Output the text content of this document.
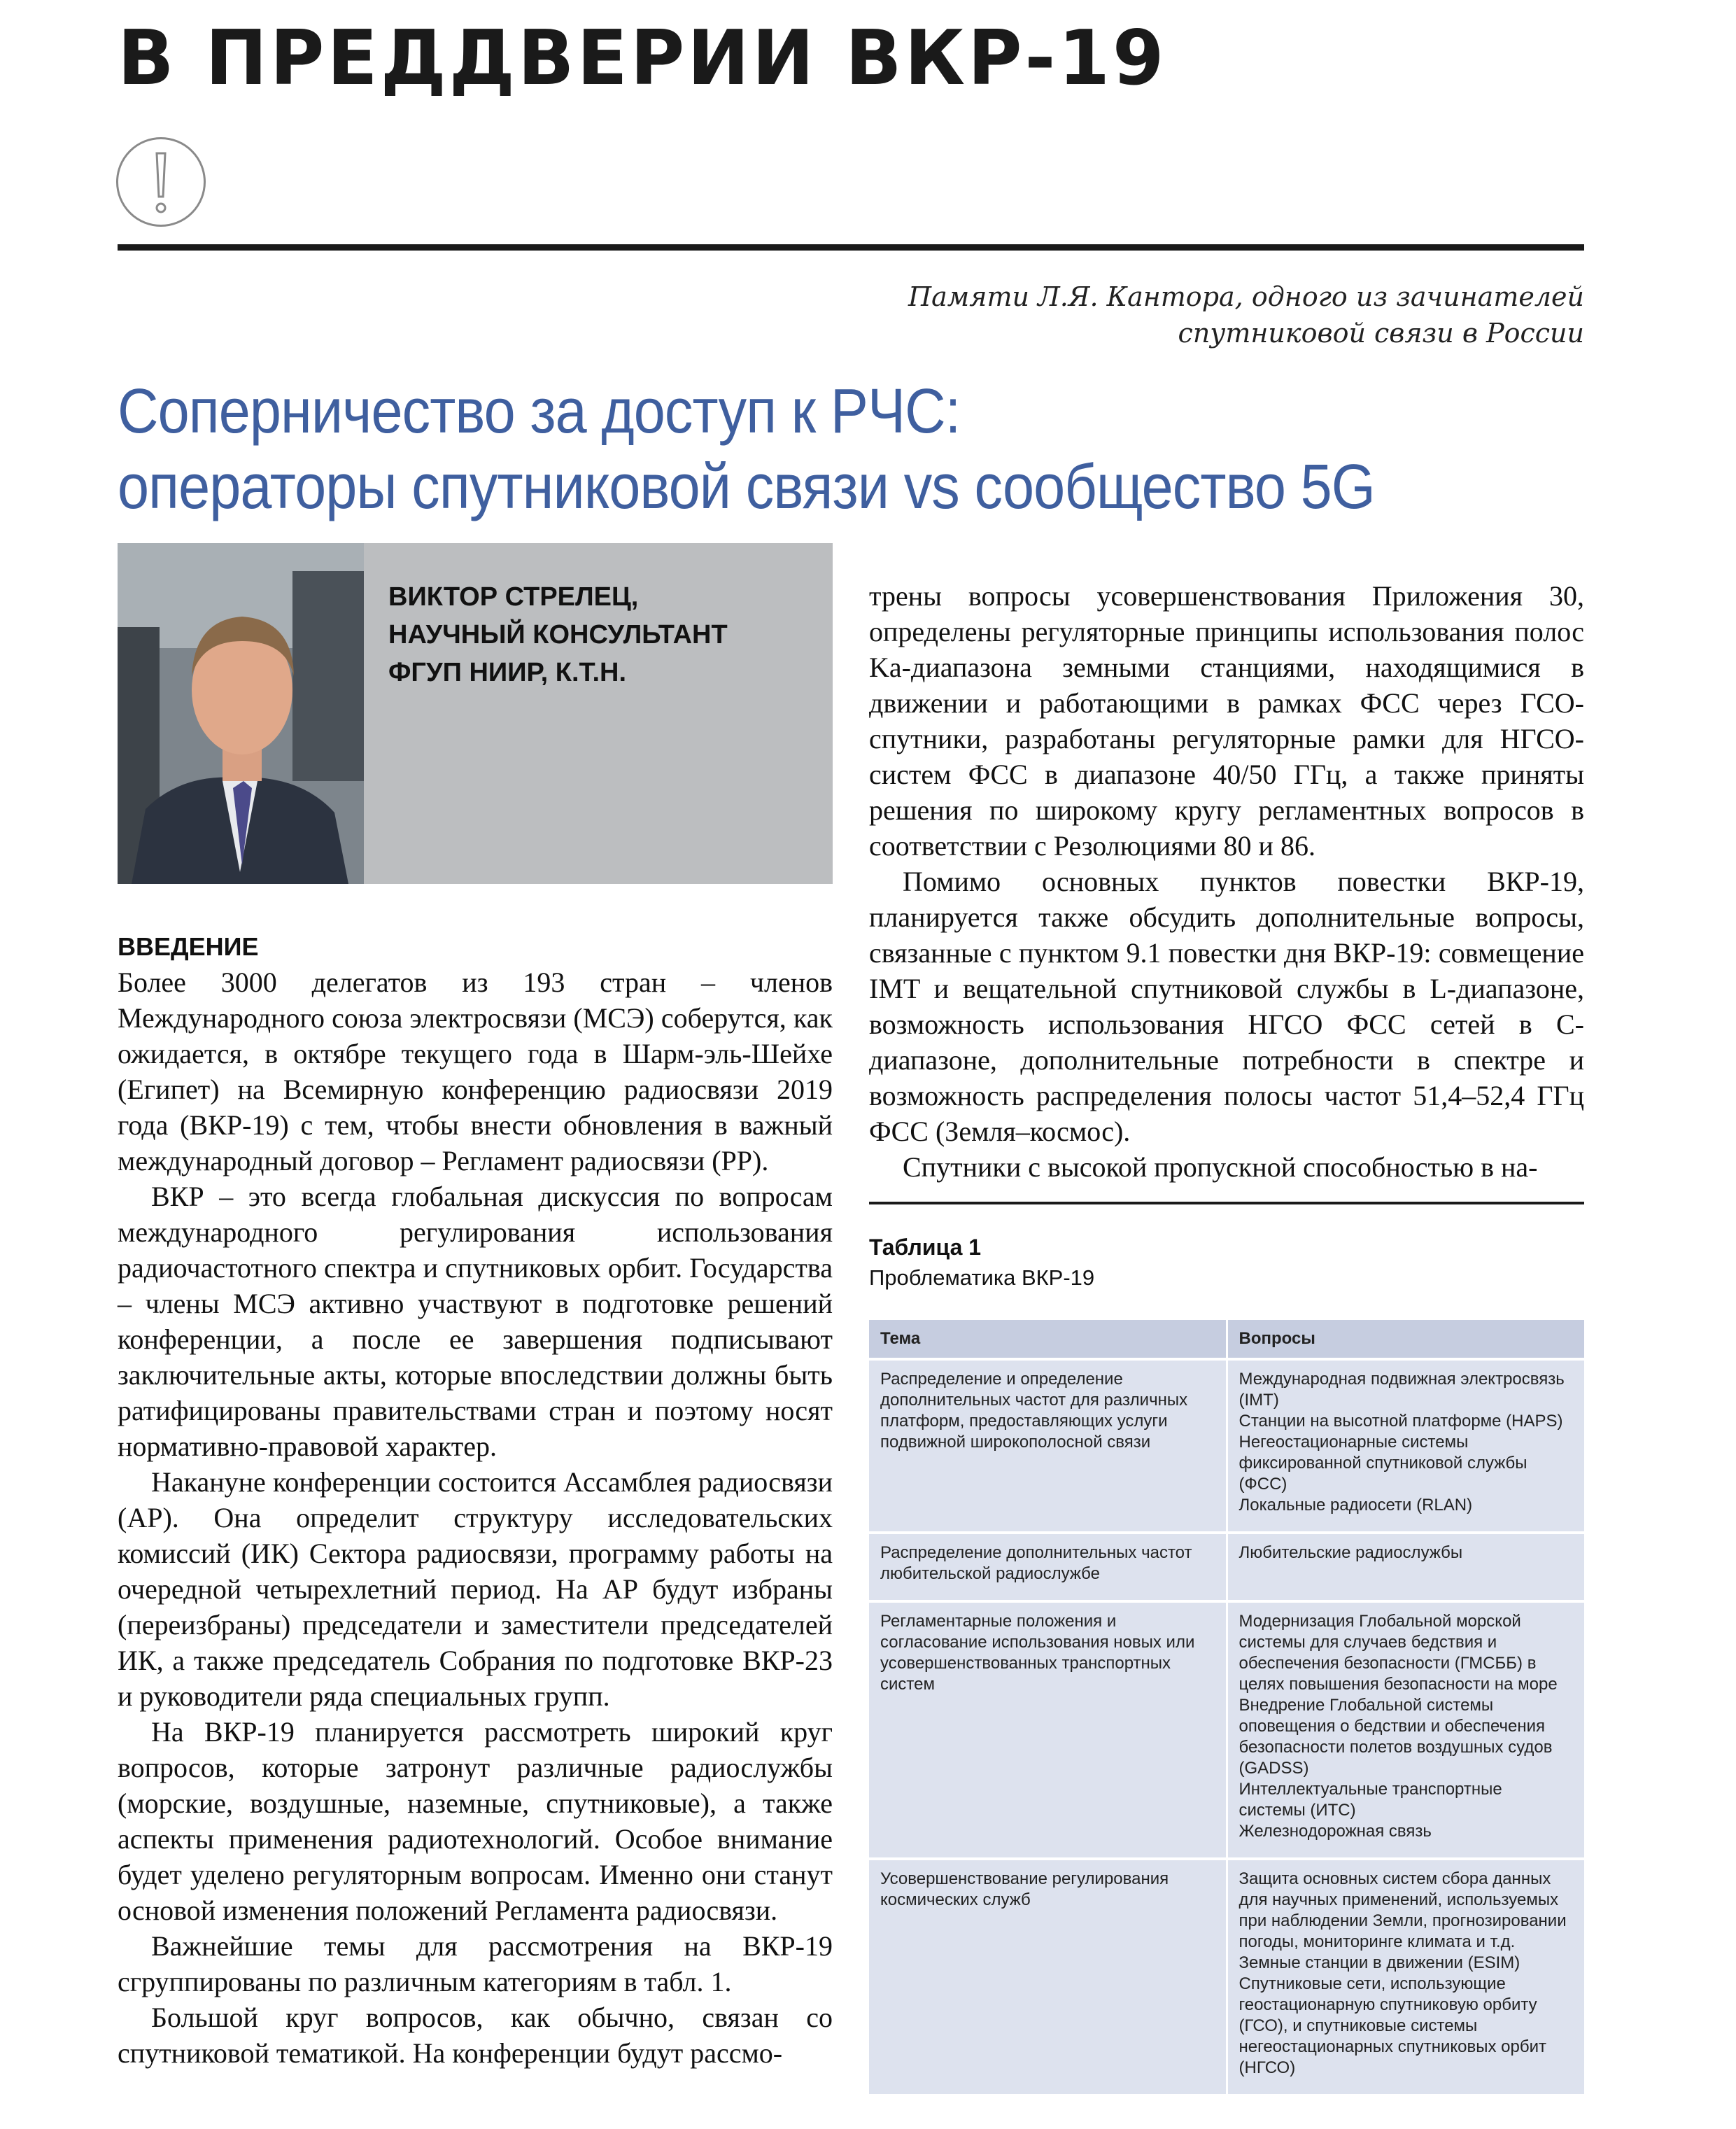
В ПРЕДДВЕРИИ ВКР-19
Памяти Л.Я. Кантора, одного из зачинателей
спутниковой связи в России
Соперничество за доступ к РЧС:
операторы спутниковой связи vs сообщество 5G
ВИКТОР СТРЕЛЕЦ,
НАУЧНЫЙ КОНСУЛЬТАНТ
ФГУП НИИР, К.Т.Н.
ВВЕДЕНИЕ

Более 3000 делегатов из 193 стран – членов Международного союза электросвязи (МСЭ) соберутся, как ожидается, в октябре текущего года в Шарм-эль-Шейхе (Египет) на Всемирную конференцию радиосвязи 2019 года (ВКР-19) с тем, чтобы внести обновления в важный международный договор – Регламент радиосвязи (РР).

ВКР – это всегда глобальная дискуссия по вопросам международного регулирования использования радиочастотного спектра и спутниковых орбит. Государства – члены МСЭ активно участвуют в подготовке решений конференции, а после ее завершения подписывают заключительные акты, которые впоследствии должны быть ратифицированы правительствами стран и поэтому носят нормативно-правовой характер.

Накануне конференции состоится Ассамблея радиосвязи (АР). Она определит структуру исследовательских комиссий (ИК) Сектора радиосвязи, программу работы на очередной четырехлетний период. На АР будут избраны (переизбраны) председатели и заместители председателей ИК, а также председатель Собрания по подготовке ВКР-23 и руководители ряда специальных групп.

На ВКР-19 планируется рассмотреть широкий круг вопросов, которые затронут различные радиослужбы (морские, воздушные, наземные, спутниковые), а также аспекты применения радиотехнологий. Особое внимание будет уделено регуляторным вопросам. Именно они станут основой изменения положений Регламента радиосвязи.

Важнейшие темы для рассмотрения на ВКР-19 сгруппированы по различным категориям в табл. 1.

Большой круг вопросов, как обычно, связан со спутниковой тематикой. На конференции будут рассмо-

трены вопросы усовершенствования Приложения 30, определены регуляторные принципы использования полос Ka-диапазона земными станциями, находящимися в движении и работающими в рамках ФСС через ГСО-спутники, разработаны регуляторные рамки для НГСО-систем ФСС в диапазоне 40/50 ГГц, а также приняты решения по широкому кругу регламентных вопросов в соответствии с Резолюциями 80 и 86.

Помимо основных пунктов повестки ВКР-19, планируется также обсудить дополнительные вопросы, связанные с пунктом 9.1 повестки дня ВКР-19: совмещение IMT и вещательной спутниковой службы в L-диапазоне, возможность использования НГСО ФСС сетей в С-диапазоне, дополнительные потребности в спектре и возможность распределения полосы частот 51,4–52,4 ГГц ФСС (Земля–космос).

Спутники с высокой пропускной способностью в на-

Таблица 1
Проблематика ВКР-19
Тема	Вопросы
Распределение и определение дополнительных частот для различных платформ, предоставляющих услуги подвижной широкополосной связи	Международная подвижная электросвязь (IMT)
Станции на высотной платформе (HAPS)
Негеостационарные системы фиксированной спутниковой службы (ФСС)
Локальные радиосети (RLAN)
Распределение дополнительных частот любительской радиослужбе	Любительские радиослужбы
Регламентарные положения и согласование использования новых или усовершенствованных транспортных систем	Модернизация Глобальной морской системы для случаев бедствия и обеспечения безопасности (ГМСББ) в целях повышения безопасности на море
Внедрение Глобальной системы оповещения о бедствии и обеспечения безопасности полетов воздушных судов (GADSS)
Интеллектуальные транспортные системы (ИТС)
Железнодорожная связь
Усовершенствование регулирования космических служб	Защита основных систем сбора данных для научных применений, используемых при наблюдении Земли, прогнозировании погоды, мониторинге климата и т.д.
Земные станции в движении (ESIM)
Спутниковые сети, использующие геостационарную спутниковую орбиту (ГСО), и спутниковые системы негеостационарных спутниковых орбит (НГСО)
